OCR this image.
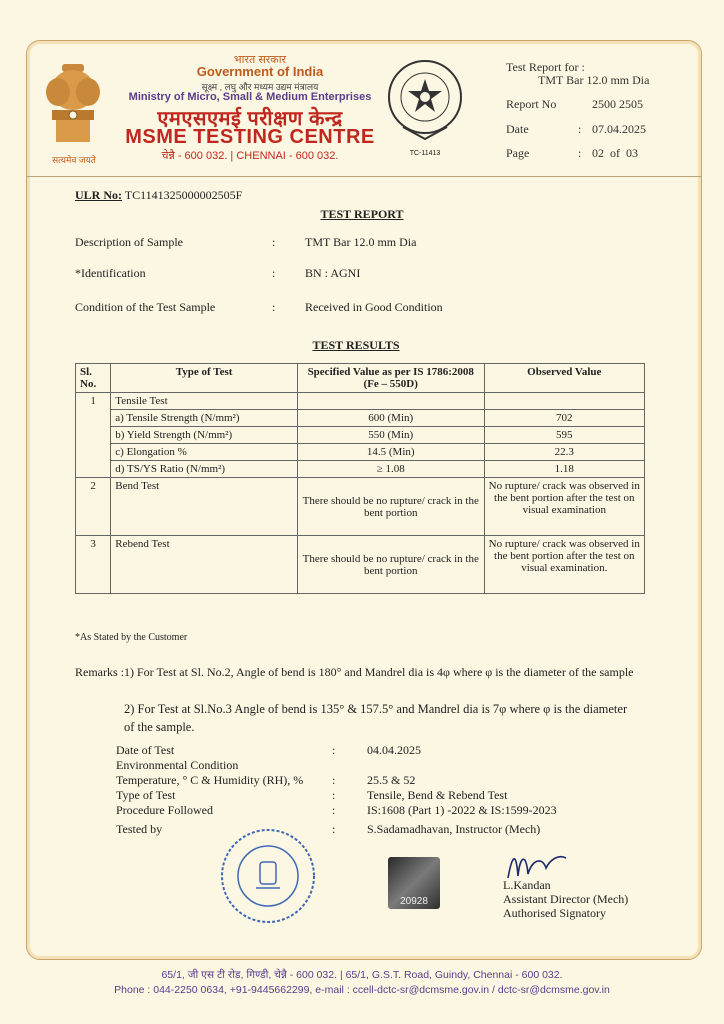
सत्यमेव जयते
भारत सरकार
Government of India
सूक्ष्म , लघु और मध्यम उद्यम मंत्रालय
Ministry of Micro, Small & Medium Enterprises
एमएसएमई परीक्षण केन्द्र
MSME TESTING CENTRE
चेन्नै - 600 032. | CHENNAI - 600 032.	TC-11413
Test Report for :
TMT Bar 12.0 mm Dia
Report No	2500 2505
Date	: 07.04.2025
Page	: 02  of  03
ULR No: TC1141325000002505F
TEST REPORT
Description of Sample	: TMT Bar 12.0 mm Dia
*Identification	: BN : AGNI
Condition of the Test Sample	: Received in Good Condition
TEST RESULTS
Sl. No.	Type of Test	Specified Value as per IS 1786:2008 (Fe – 550D)	Observed Value
1	Tensile Test		
	a) Tensile Strength (N/mm²)	600 (Min)	702
	b) Yield Strength (N/mm²)	550 (Min)	595
	c) Elongation %	14.5 (Min)	22.3
	d) TS/YS Ratio (N/mm²)	≥ 1.08	1.18
2	Bend Test	There should be no rupture/ crack in the bent portion	No rupture/ crack was observed in the bent portion after the test on visual examination
3	Rebend Test	There should be no rupture/ crack in the bent portion	No rupture/ crack was observed in the bent portion after the test on visual examination.
*As Stated by the Customer
Remarks : 1) For Test at Sl. No.2, Angle of bend is 180° and Mandrel dia is 4φ where φ is the diameter of the sample
2) For Test at Sl.No.3 Angle of bend is 135° & 157.5° and Mandrel dia is 7φ where φ is the diameter of the sample.
Date of Test	:	04.04.2025
Environmental Condition
Temperature, ° C & Humidity (RH), % :	25.5 & 52
Type of Test	:	Tensile, Bend & Rebend Test
Procedure Followed	:	IS:1608 (Part 1) -2022 & IS:1599-2023
Tested by	:	S.Sadamadhavan, Instructor (Mech)
20928
L.Kandan
Assistant Director (Mech)
Authorised Signatory
65/1, जी एस टी रोड, गिण्डी, चेन्नै - 600 032. | 65/1, G.S.T. Road, Guindy, Chennai - 600 032.
Phone : 044-2250 0634, +91-9445662299, e-mail : ccell-dctc-sr@dcmsme.gov.in / dctc-sr@dcmsme.gov.in
